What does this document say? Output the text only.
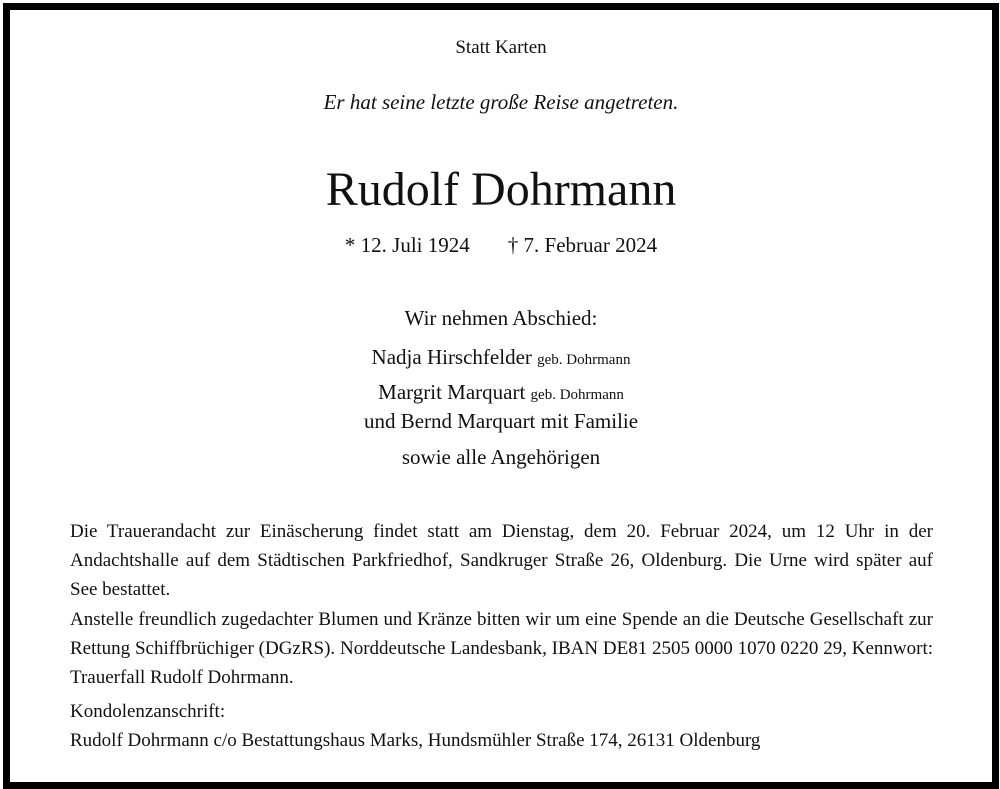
Statt Karten
Er hat seine letzte große Reise angetreten.
Rudolf Dohrmann
* 12. Juli 1924 † 7. Februar 2024
Wir nehmen Abschied:
Nadja Hirschfelder geb. Dohrmann
Margrit Marquart geb. Dohrmann
und Bernd Marquart mit Familie
sowie alle Angehörigen
Die Trauerandacht zur Einäscherung findet statt am Dienstag, dem 20. Februar 2024, um 12 Uhr in der Andachtshalle auf dem Städtischen Parkfriedhof, Sandkruger Straße 26, Oldenburg. Die Urne wird später auf See bestattet.
Anstelle freundlich zugedachter Blumen und Kränze bitten wir um eine Spende an die Deutsche Gesellschaft zur Rettung Schiffbrüchiger (DGzRS). Norddeutsche Landesbank, IBAN DE81 2505 0000 1070 0220 29, Kennwort: Trauerfall Rudolf Dohrmann.
Kondolenzanschrift:
Rudolf Dohrmann c/o Bestattungshaus Marks, Hundsmühler Straße 174, 26131 Oldenburg
